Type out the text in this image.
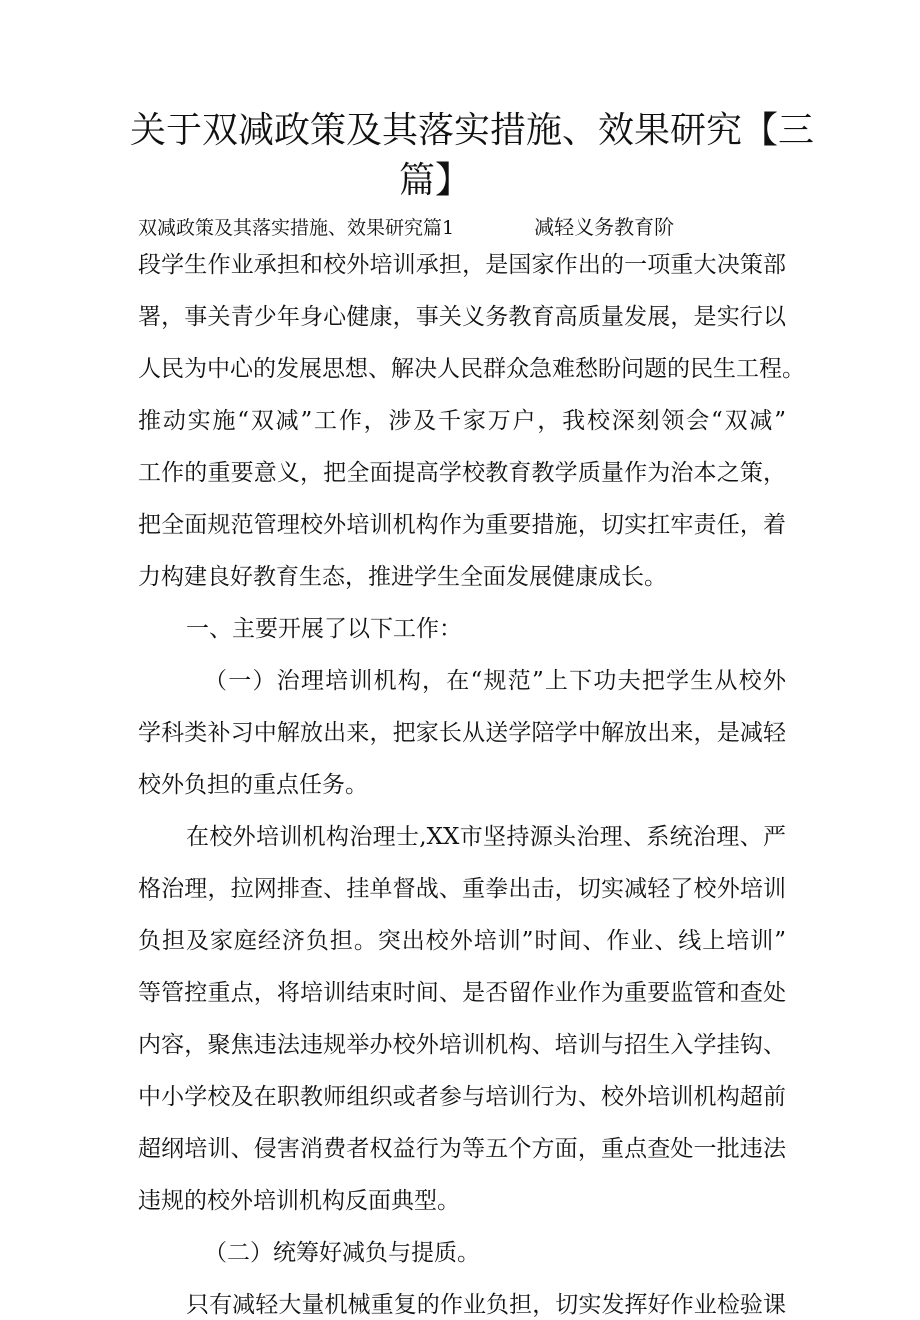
关于双减政策及其落实措施、效果研究【三
篇】
双减政策及其落实措施、效果研究篇1	减轻义务教育阶
段学生作业承担和校外培训承担，是国家作出的一项重大决策部
署，事关青少年身心健康，事关义务教育高质量发展，是实行以
人民为中心的发展思想、解决人民群众急难愁盼问题的民生工程。
推动实施“双减”工作，涉及千家万户，我校深刻领会“双减”
工作的重要意义，把全面提高学校教育教学质量作为治本之策，
把全面规范管理校外培训机构作为重要措施，切实扛牢责任，着
力构建良好教育生态，推进学生全面发展健康成长。
一、主要开展了以下工作：
（一）治理培训机构，在“规范”上下功夫把学生从校外
学科类补习中解放出来，把家长从送学陪学中解放出来，是减轻
校外负担的重点任务。
在校外培训机构治理士,XX市坚持源头治理、系统治理、严
格治理，拉网排查、挂单督战、重拳出击，切实减轻了校外培训
负担及家庭经济负担。突出校外培训”时间、作业、线上培训”
等管控重点，将培训结束时间、是否留作业作为重要监管和查处
内容，聚焦违法违规举办校外培训机构、培训与招生入学挂钩、
中小学校及在职教师组织或者参与培训行为、校外培训机构超前
超纲培训、侵害消费者权益行为等五个方面，重点查处一批违法
违规的校外培训机构反面典型。
（二）统筹好减负与提质。
只有减轻大量机械重复的作业负担，切实发挥好作业检验课
